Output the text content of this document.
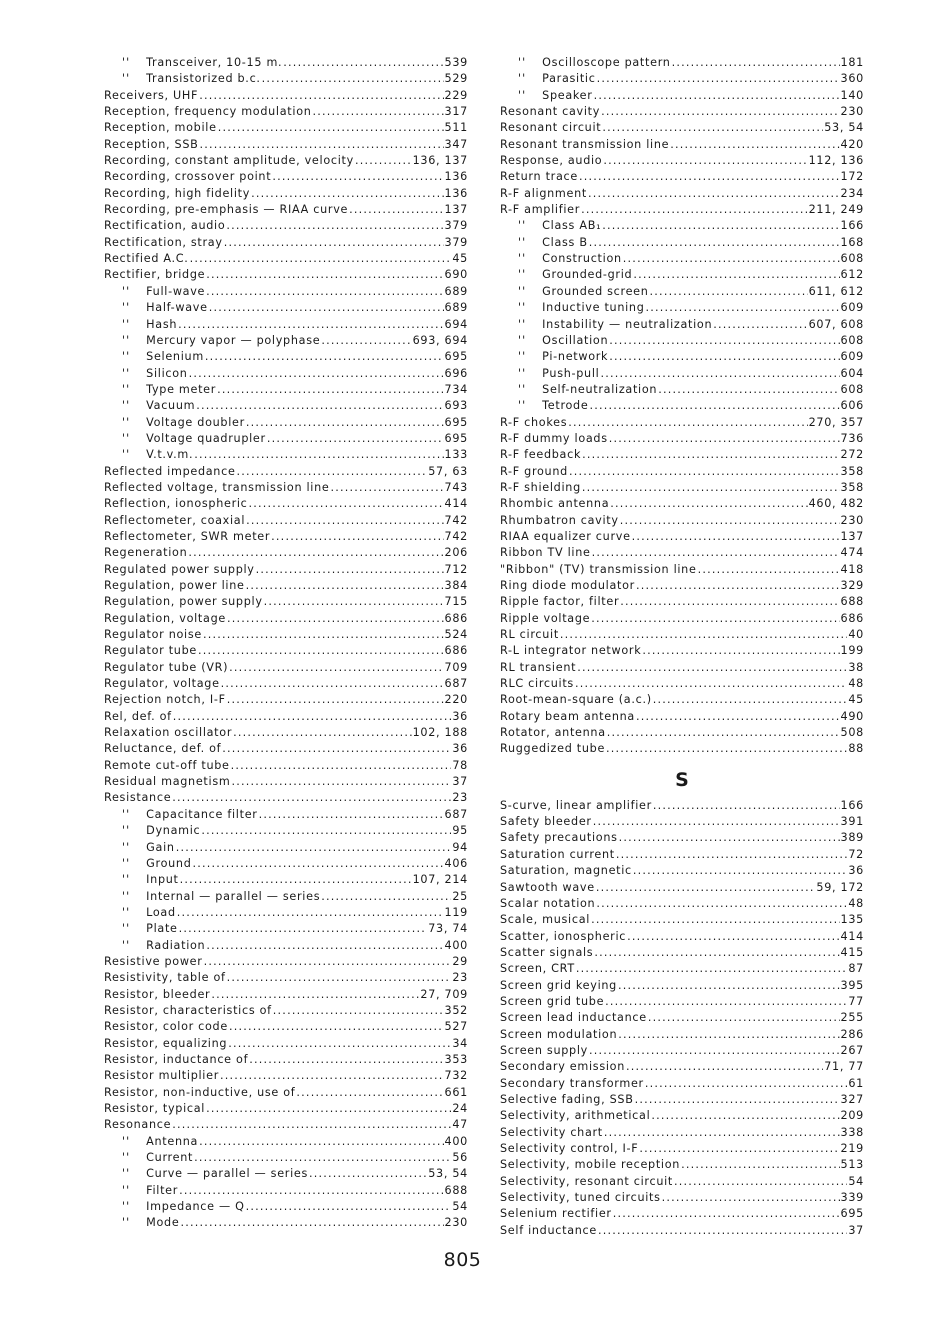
'' Transceiver, 10-15 m. .....	539
'' Transistorized b.c. .....	529
Receivers, UHF .....	229
Reception, frequency modulation .....	317
Reception, mobile .....	511
Reception, SSB .....	347
Recording, constant amplitude, velocity .....	136, 137
Recording, crossover point .....	136
Recording, high fidelity .....	136
Recording, pre-emphasis — RIAA curve .....	137
Rectification, audio .....	379
Rectification, stray .....	379
Rectified A.C. .....	45
Rectifier, bridge .....	690
'' Full-wave .....	689
'' Half-wave .....	689
'' Hash .....	694
'' Mercury vapor — polyphase .....	693, 694
'' Selenium .....	695
'' Silicon .....	696
'' Type meter .....	734
'' Vacuum .....	693
'' Voltage doubler .....	695
'' Voltage quadrupler .....	695
'' V.t.v.m. .....	133
Reflected impedance .....	57, 63
Reflected voltage, transmission line .....	743
Reflection, ionospheric .....	414
Reflectometer, coaxial .....	742
Reflectometer, SWR meter .....	742
Regeneration .....	206
Regulated power supply .....	712
Regulation, power line .....	384
Regulation, power supply .....	715
Regulation, voltage .....	686
Regulator noise .....	524
Regulator tube .....	686
Regulator tube (VR) .....	709
Regulator, voltage .....	687
Rejection notch, I-F .....	220
Rel, def. of .....	36
Relaxation oscillator .....	102, 188
Reluctance, def. of .....	36
Remote cut-off tube .....	78
Residual magnetism .....	37
Resistance .....	23
'' Capacitance filter .....	687
'' Dynamic .....	95
'' Gain .....	94
'' Ground .....	406
'' Input .....	107, 214
'' Internal — parallel — series .....	25
'' Load .....	119
'' Plate .....	73, 74
'' Radiation .....	400
Resistive power .....	29
Resistivity, table of .....	23
Resistor, bleeder .....	27, 709
Resistor, characteristics of .....	352
Resistor, color code .....	527
Resistor, equalizing .....	34
Resistor, inductance of .....	353
Resistor multiplier .....	732
Resistor, non-inductive, use of .....	661
Resistor, typical .....	24
Resonance .....	47
'' Antenna .....	400
'' Current .....	56
'' Curve — parallel — series .....	53, 54
'' Filter .....	688
'' Impedance — Q .....	54
'' Mode .....	230
'' Oscilloscope pattern .....	181
'' Parasitic .....	360
'' Speaker .....	140
Resonant cavity .....	230
Resonant circuit .....	53, 54
Resonant transmission line .....	420
Response, audio .....	112, 136
Return trace .....	172
R-F alignment .....	234
R-F amplifier .....	211, 249
'' Class AB₁ .....	166
'' Class B .....	168
'' Construction .....	608
'' Grounded-grid .....	612
'' Grounded screen .....	611, 612
'' Inductive tuning .....	609
'' Instability — neutralization .....	607, 608
'' Oscillation .....	608
'' Pi-network .....	609
'' Push-pull .....	604
'' Self-neutralization .....	608
'' Tetrode .....	606
R-F chokes .....	270, 357
R-F dummy loads .....	736
R-F feedback .....	272
R-F ground .....	358
R-F shielding .....	358
Rhombic antenna .....	460, 482
Rhumbatron cavity .....	230
RIAA equalizer curve .....	137
Ribbon TV line .....	474
"Ribbon" (TV) transmission line .....	418
Ring diode modulator .....	329
Ripple factor, filter .....	688
Ripple voltage .....	686
RL circuit .....	40
R-L integrator network .....	199
RL transient .....	38
RLC circuits .....	48
Root-mean-square (a.c.) .....	45
Rotary beam antenna .....	490
Rotator, antenna .....	508
Ruggedized tube .....	88
S
S-curve, linear amplifier .....	166
Safety bleeder .....	391
Safety precautions .....	389
Saturation current .....	72
Saturation, magnetic .....	36
Sawtooth wave .....	59, 172
Scalar notation .....	48
Scale, musical .....	135
Scatter, ionospheric .....	414
Scatter signals .....	415
Screen, CRT .....	87
Screen grid keying .....	395
Screen grid tube .....	77
Screen lead inductance .....	255
Screen modulation .....	286
Screen supply .....	267
Secondary emission .....	71, 77
Secondary transformer .....	61
Selective fading, SSB .....	327
Selectivity, arithmetical .....	209
Selectivity chart .....	338
Selectivity control, I-F .....	219
Selectivity, mobile reception .....	513
Selectivity, resonant circuit .....	54
Selectivity, tuned circuits .....	339
Selenium rectifier .....	695
Self inductance .....	37
805
